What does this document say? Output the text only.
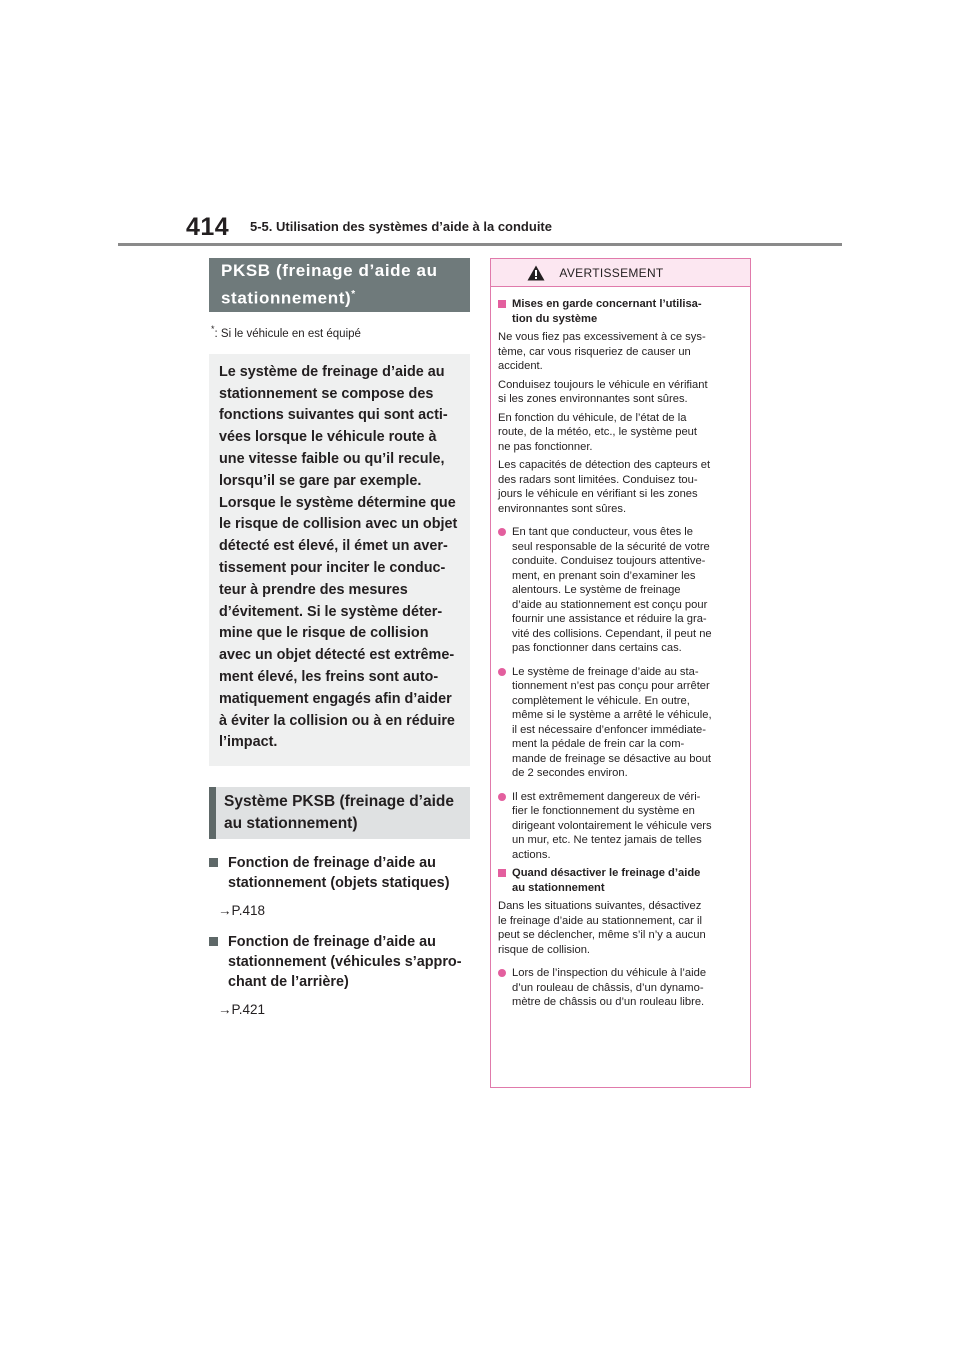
414 5-5. Utilisation des systèmes d’aide à la conduite
PKSB (freinage d’aide au
stationnement)*
*: Si le véhicule en est équipé
Le système de freinage d’aide au
stationnement se compose des
fonctions suivantes qui sont acti-
vées lorsque le véhicule route à
une vitesse faible ou qu’il recule,
lorsqu’il se gare par exemple.
Lorsque le système détermine que
le risque de collision avec un objet
détecté est élevé, il émet un aver-
tissement pour inciter le conduc-
teur à prendre des mesures
d’évitement. Si le système déter-
mine que le risque de collision
avec un objet détecté est extrême-
ment élevé, les freins sont auto-
matiquement engagés afin d’aider
à éviter la collision ou à en réduire
l’impact.
Système PKSB (freinage d’aide
au stationnement)
Fonction de freinage d’aide au
stationnement (objets statiques)
→P.418
Fonction de freinage d’aide au
stationnement (véhicules s’appro-
chant de l’arrière)
→P.421
AVERTISSEMENT
Mises en garde concernant l’utilisa-
tion du système
Ne vous fiez pas excessivement à ce sys-
tème, car vous risqueriez de causer un
accident.
Conduisez toujours le véhicule en vérifiant
si les zones environnantes sont sûres.
En fonction du véhicule, de l’état de la
route, de la météo, etc., le système peut
ne pas fonctionner.
Les capacités de détection des capteurs et
des radars sont limitées. Conduisez tou-
jours le véhicule en vérifiant si les zones
environnantes sont sûres.
En tant que conducteur, vous êtes le
seul responsable de la sécurité de votre
conduite. Conduisez toujours attentive-
ment, en prenant soin d’examiner les
alentours. Le système de freinage
d’aide au stationnement est conçu pour
fournir une assistance et réduire la gra-
vité des collisions. Cependant, il peut ne
pas fonctionner dans certains cas.
Le système de freinage d’aide au sta-
tionnement n’est pas conçu pour arrêter
complètement le véhicule. En outre,
même si le système a arrêté le véhicule,
il est nécessaire d’enfoncer immédiate-
ment la pédale de frein car la com-
mande de freinage se désactive au bout
de 2 secondes environ.
Il est extrêmement dangereux de véri-
fier le fonctionnement du système en
dirigeant volontairement le véhicule vers
un mur, etc. Ne tentez jamais de telles
actions.
Quand désactiver le freinage d’aide
au stationnement
Dans les situations suivantes, désactivez
le freinage d’aide au stationnement, car il
peut se déclencher, même s’il n’y a aucun
risque de collision.
Lors de l’inspection du véhicule à l’aide
d’un rouleau de châssis, d’un dynamo-
mètre de châssis ou d’un rouleau libre.
